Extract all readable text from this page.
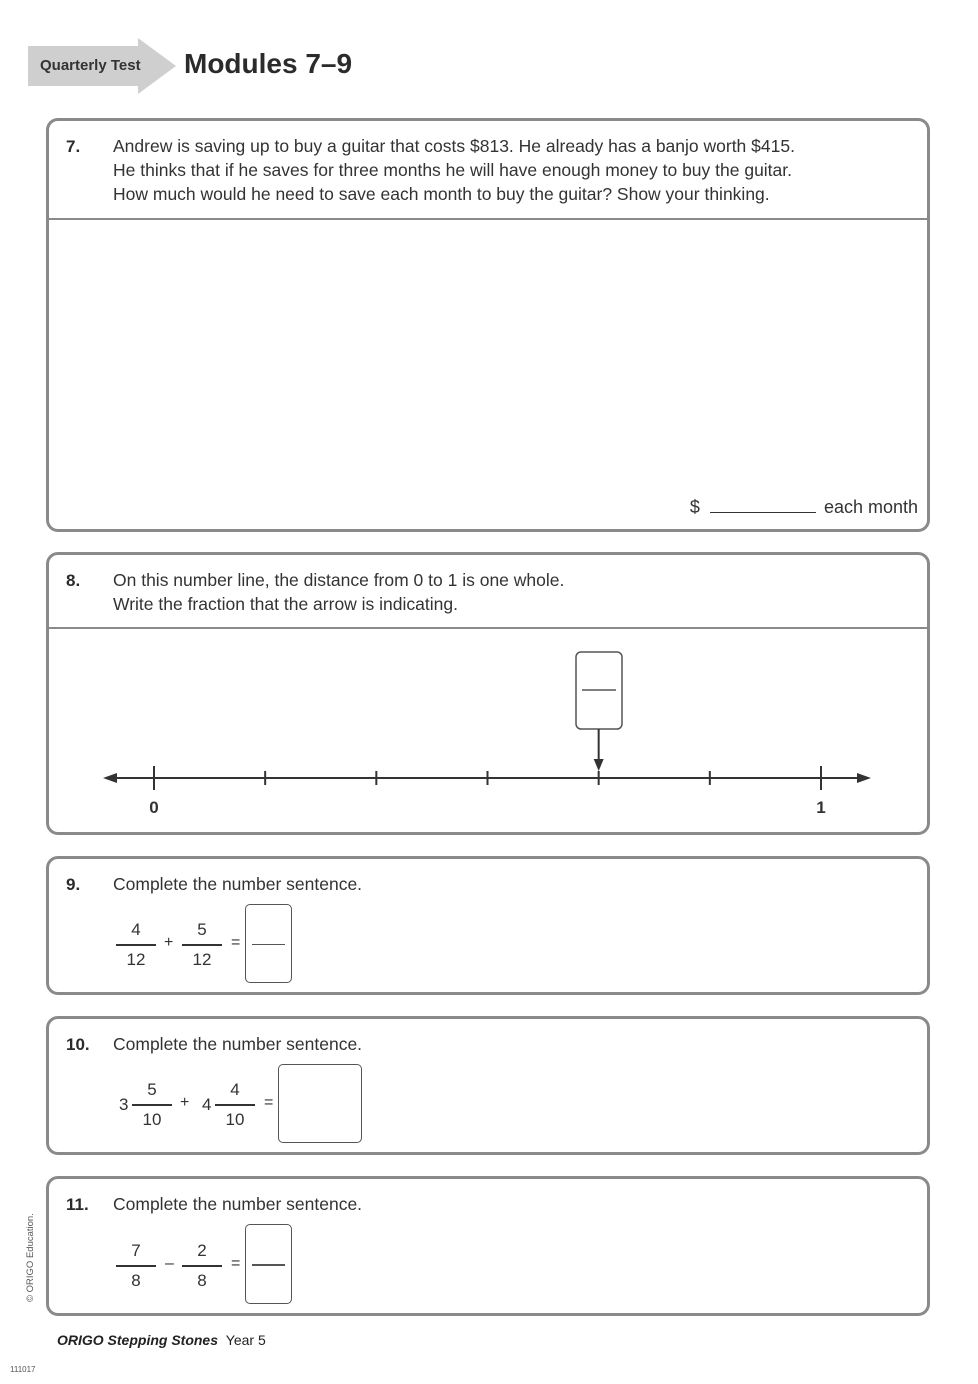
Quarterly Test Modules 7–9
7. Andrew is saving up to buy a guitar that costs $813. He already has a banjo worth $415.
He thinks that if he saves for three months he will have enough money to buy the guitar.
How much would he need to save each month to buy the guitar? Show your thinking.
$	each month
8. On this number line, the distance from 0 to 1 is one whole.
Write the fraction that the arrow is indicating.
0	1
9. Complete the number sentence.
4
12
+
5
12
=
10. Complete the number sentence.
3
5
10
+ 4
4
10
=
11. Complete the number sentence.
7
8
–
2
8
=
© ORIGO Education.
ORIGO Stepping Stones Year 5
111017
